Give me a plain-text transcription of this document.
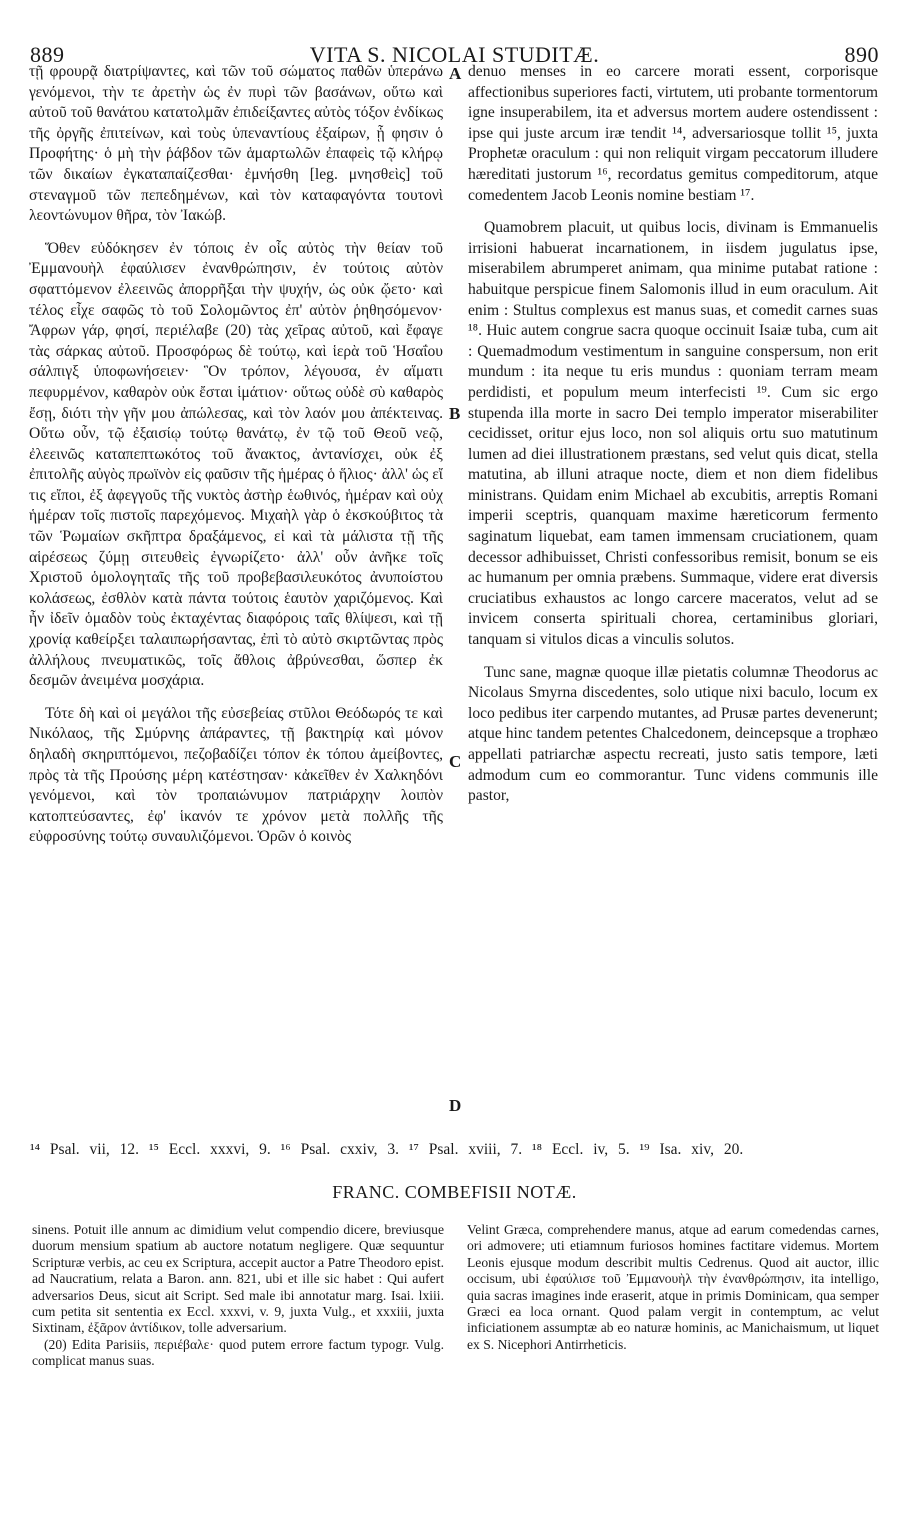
889	VITA S. NICOLAI STUDITÆ.	890

τῇ φρουρᾷ διατρίψαντες, καὶ τῶν τοῦ σώματος παθῶν ὑπεράνω γενόμενοι, τὴν τε ἀρετὴν ὡς ἐν πυρὶ τῶν βασάνων, οὕτω καὶ αὐτοῦ τοῦ θανάτου κατατολμᾶν ἐπιδείξαντες αὐτὸς τόξον ἐνδίκως τῆς ὀργῆς ἐπιτείνων, καὶ τοὺς ὑπεναντίους ἐξαίρων, ᾗ φησιν ὁ Προφήτης· ὁ μὴ τὴν ῥάβδον τῶν ἁμαρτωλῶν ἐπαφεὶς τῷ κλήρῳ τῶν δικαίων ἐγκαταπαίζεσθαι· ἐμνήσθη [leg. μνησθεὶς] τοῦ στεναγμοῦ τῶν πεπεδημένων, καὶ τὸν καταφαγόντα τουτονὶ λεοντώνυμον θῆρα, τὸν Ἰακώβ.

Ὅθεν εὐδόκησεν ἐν τόποις ἐν οἷς αὐτὸς τὴν θείαν τοῦ Ἐμμανουὴλ ἐφαύλισεν ἐνανθρώπησιν, ἐν τούτοις αὐτὸν σφαττόμενον ἐλεεινῶς ἀπορρῆξαι τὴν ψυχήν, ὡς οὐκ ᾤετο· καὶ τέλος εἶχε σαφῶς τὸ τοῦ Σολομῶντος ἐπ' αὐτὸν ῥηθησόμενον· Ἄφρων γάρ, φησί, περιέλαβε (20) τὰς χεῖρας αὐτοῦ, καὶ ἔφαγε τὰς σάρκας αὐτοῦ. Προσφόρως δὲ τούτῳ, καὶ ἱερὰ τοῦ Ἡσαΐου σάλπιγξ ὑποφωνήσειεν· Ὃν τρόπον, λέγουσα, ἐν αἵματι πεφυρμένον, καθαρὸν οὐκ ἔσται ἱμάτιον· οὕτως οὐδὲ σὺ καθαρὸς ἔσῃ, διότι τὴν γῆν μου ἀπώλεσας, καὶ τὸν λαόν μου ἀπέκτεινας. Οὕτω οὖν, τῷ ἐξαισίῳ τούτῳ θανάτῳ, ἐν τῷ τοῦ Θεοῦ νεῷ, ἐλεεινῶς καταπεπτωκότος τοῦ ἄνακτος, ἀντανίσχει, οὐκ ἐξ ἐπιτολῆς αὐγὸς πρωϊνὸν εἰς φαῦσιν τῆς ἡμέρας ὁ ἥλιος· ἀλλ' ὡς εἴ τις εἴποι, ἐξ ἀφεγγοῦς τῆς νυκτὸς ἀστὴρ ἑωθινός, ἡμέραν καὶ οὐχ ἡμέραν τοῖς πιστοῖς παρεχόμενος. Μιχαὴλ γὰρ ὁ ἐκσκούβιτος τὰ τῶν Ῥωμαίων σκῆπτρα δραξάμενος, εἰ καὶ τὰ μάλιστα τῇ τῆς αἱρέσεως ζύμῃ σιτευθεὶς ἐγνωρίζετο· ἀλλ' οὖν ἀνῆκε τοῖς Χριστοῦ ὁμολογηταῖς τῆς τοῦ προβεβασιλευκότος ἀνυποίστου κολάσεως, ἐσθλὸν κατὰ πάντα τούτοις ἑαυτὸν χαριζόμενος. Καὶ ἦν ἰδεῖν ὁμαδὸν τοὺς ἐκταχέντας διαφόροις ταῖς θλίψεσι, καὶ τῇ χρονίᾳ καθείρξει ταλαιπωρήσαντας, ἐπὶ τὸ αὐτὸ σκιρτῶντας πρὸς ἀλλήλους πνευματικῶς, τοῖς ἄθλοις ἀβρύνεσθαι, ὥσπερ ἐκ δεσμῶν ἀνειμένα μοσχάρια.

Τότε δὴ καὶ οἱ μεγάλοι τῆς εὐσεβείας στῦλοι Θεόδωρός τε καὶ Νικόλαος, τῆς Σμύρνης ἀπάραντες, τῇ βακτηρίᾳ καὶ μόνον δηλαδὴ σκηριπτόμενοι, πεζοβαδίζει τόπον ἐκ τόπου ἀμείβοντες, πρὸς τὰ τῆς Προύσης μέρη κατέστησαν· κἀκεῖθεν ἐν Χαλκηδόνι γενόμενοι, καὶ τὸν τροπαιώνυμον πατριάρχην λοιπὸν κατοπτεύσαντες, ἐφ' ἱκανόν τε χρόνον μετὰ πολλῆς τῆς εὐφροσύνης τούτῳ συναυλιζόμενοι. Ὁρῶν ὁ κοινὸς

A
B
C
D

denuo menses in eo carcere morati essent, corporisque affectionibus superiores facti, virtutem, uti probante tormentorum igne insuperabilem, ita et adversus mortem audere ostendissent : ipse qui juste arcum iræ tendit ¹⁴, adversariosque tollit ¹⁵, juxta Prophetæ oraculum : qui non reliquit virgam peccatorum illudere hæreditati justorum ¹⁶, recordatus gemitus compeditorum, atque comedentem Jacob Leonis nomine bestiam ¹⁷.

Quamobrem placuit, ut quibus locis, divinam is Emmanuelis irrisioni habuerat incarnationem, in iisdem jugulatus ipse, miserabilem abrumperet animam, qua minime putabat ratione : habuitque perspicue finem Salomonis illud in eum oraculum. Ait enim : Stultus complexus est manus suas, et comedit carnes suas ¹⁸. Huic autem congrue sacra quoque occinuit Isaiæ tuba, cum ait : Quemadmodum vestimentum in sanguine conspersum, non erit mundum : ita neque tu eris mundus : quoniam terram meam perdidisti, et populum meum interfecisti ¹⁹. Cum sic ergo stupenda illa morte in sacro Dei templo imperator miserabiliter cecidisset, oritur ejus loco, non sol aliquis ortu suo matutinum lumen ad diei illustrationem præstans, sed velut quis dicat, stella matutina, ab illuni atraque nocte, diem et non diem fidelibus ministrans. Quidam enim Michael ab excubitis, arreptis Romani imperii sceptris, quanquam maxime hæreticorum fermento saginatum liquebat, eam tamen immensam cruciationem, quam decessor adhibuisset, Christi confessoribus remisit, bonum se eis ac humanum per omnia præbens. Summaque, videre erat diversis cruciatibus exhaustos ac longo carcere maceratos, velut ad se invicem conserta spirituali chorea, certaminibus gloriari, tanquam si vitulos dicas a vinculis solutos.

Tunc sane, magnæ quoque illæ pietatis columnæ Theodorus ac Nicolaus Smyrna discedentes, solo utique nixi baculo, locum ex loco pedibus iter carpendo mutantes, ad Prusæ partes devenerunt; atque hinc tandem petentes Chalcedonem, deincepsque a trophæo appellati patriarchæ aspectu recreati, justo satis tempore, læti admodum cum eo commorantur. Tunc videns communis ille pastor,

¹⁴ Psal. vii, 12. ¹⁵ Eccl. xxxvi, 9. ¹⁶ Psal. cxxiv, 3. ¹⁷ Psal. xviii, 7. ¹⁸ Eccl. iv, 5. ¹⁹ Isa. xiv, 20.
FRANC. COMBEFISII NOTÆ.

sinens. Potuit ille annum ac dimidium velut compendio dicere, breviusque duorum mensium spatium ab auctore notatum negligere. Quæ sequuntur Scripturæ verbis, ac ceu ex Scriptura, accepit auctor a Patre Theodoro epist. ad Naucratium, relata a Baron. ann. 821, ubi et ille sic habet : Qui aufert adversarios Deus, sicut ait Script. Sed male ibi annotatur marg. Isai. lxiii. cum petita sit sententia ex Eccl. xxxvi, v. 9, juxta Vulg., et xxxiii, juxta Sixtinam, ἐξᾶρον ἀντίδικον, tolle adversarium.

(20) Edita Parisiis, περιέβαλε· quod putem errore factum typogr. Vulg. complicat manus suas.

Velint Græca, comprehendere manus, atque ad earum comedendas carnes, ori admovere; uti etiamnum furiosos homines factitare videmus. Mortem Leonis ejusque modum describit multis Cedrenus. Quod ait auctor, illic occisum, ubi ἐφαύλισε τοῦ Ἐμμανουὴλ τὴν ἐνανθρώπησιν, ita intelligo, quia sacras imagines inde eraserit, atque in primis Dominicam, qua semper Græci ea loca ornant. Quod palam vergit in contemptum, ac velut inficiationem assumptæ ab eo naturæ hominis, ac Manichaismum, ut liquet ex S. Nicephori Antirrheticis.
